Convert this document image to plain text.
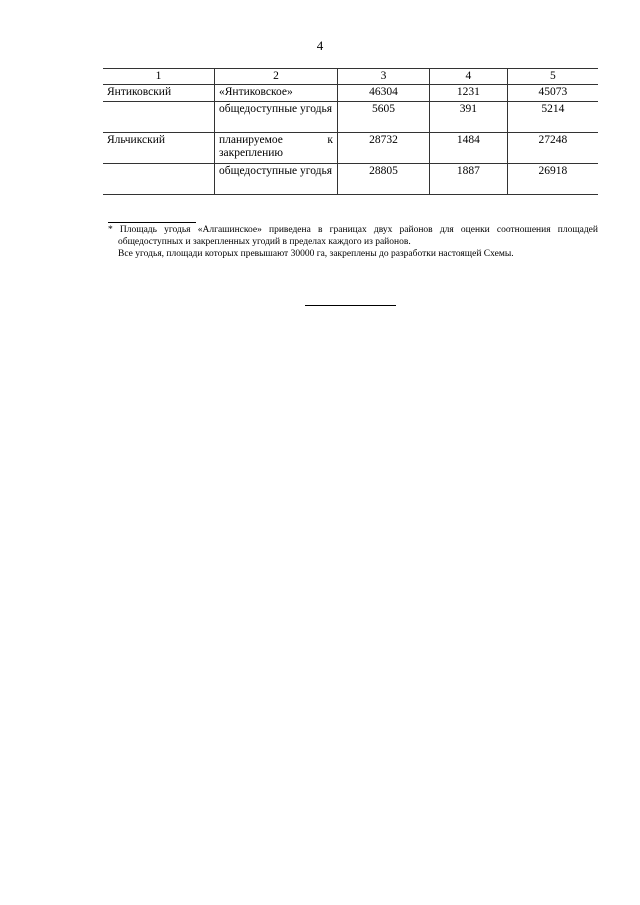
4
1	2	3	4	5
Янтиковский	«Янтиковское»	46304	1231	45073
	общедоступные угодья	5605	391	5214
Яльчикский	планируемое к закреплению	28732	1484	27248
	общедоступные угодья	28805	1887	26918

* Площадь угодья «Алгашинское» приведена в границах двух районов для оценки соотношения площадей общедоступных и закрепленных угодий в пределах каждого из районов.

Все угодья, площади которых превышают 30000 га, закреплены до разработки настоящей Схемы.
